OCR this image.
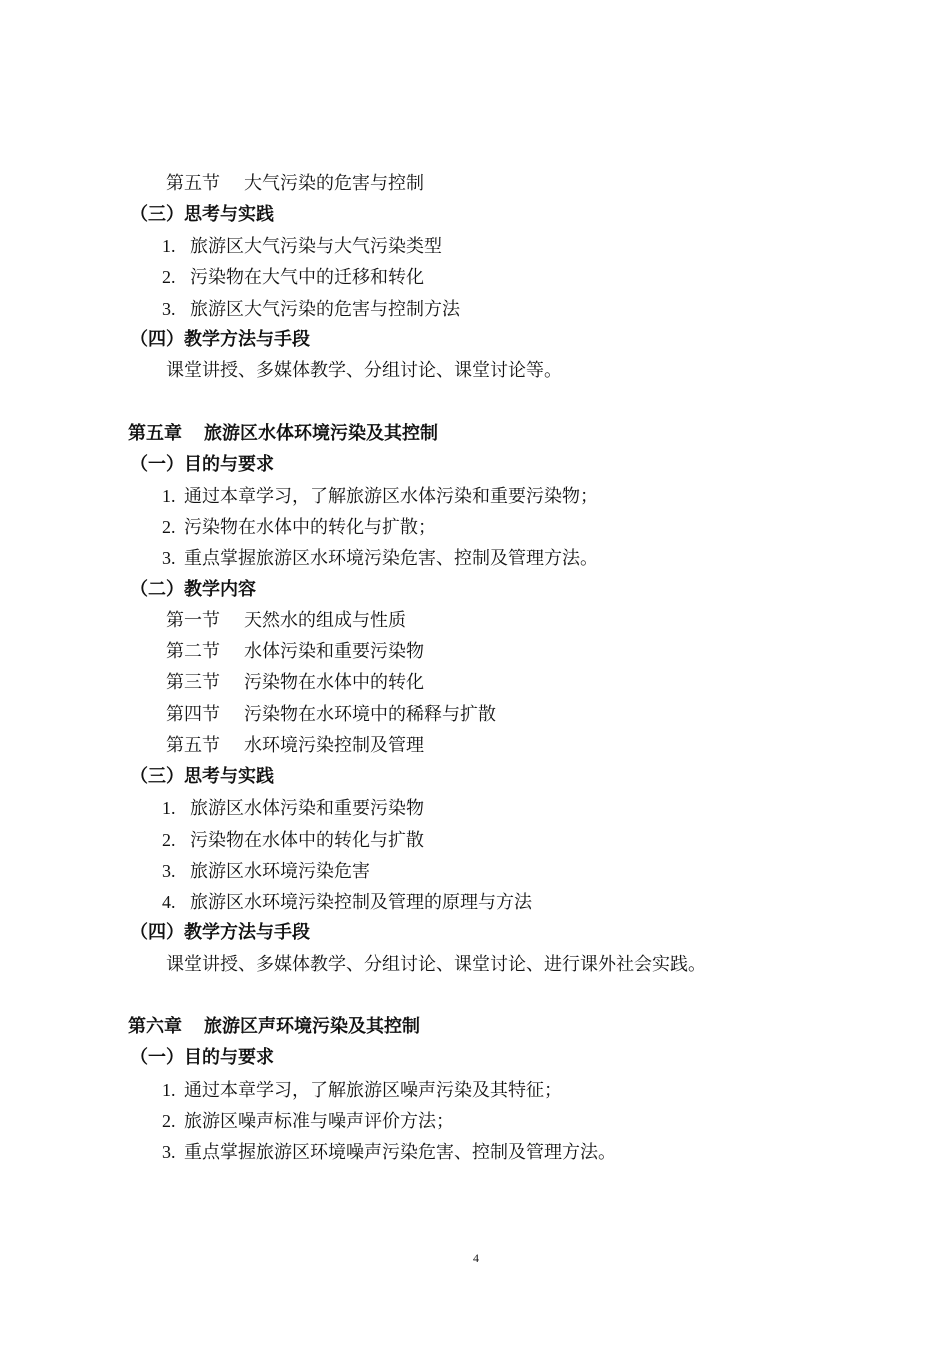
第五节 大气污染的危害与控制
（三）思考与实践
1. 旅游区大气污染与大气污染类型
2. 污染物在大气中的迁移和转化
3. 旅游区大气污染的危害与控制方法
（四）教学方法与手段
课堂讲授、多媒体教学、分组讨论、课堂讨论等。
第五章 旅游区水体环境污染及其控制
（一）目的与要求
1. 通过本章学习，了解旅游区水体污染和重要污染物；
2. 污染物在水体中的转化与扩散；
3. 重点掌握旅游区水环境污染危害、控制及管理方法。
（二）教学内容
第一节 天然水的组成与性质
第二节 水体污染和重要污染物
第三节 污染物在水体中的转化
第四节 污染物在水环境中的稀释与扩散
第五节 水环境污染控制及管理
（三）思考与实践
1. 旅游区水体污染和重要污染物
2. 污染物在水体中的转化与扩散
3. 旅游区水环境污染危害
4. 旅游区水环境污染控制及管理的原理与方法
（四）教学方法与手段
课堂讲授、多媒体教学、分组讨论、课堂讨论、进行课外社会实践。
第六章 旅游区声环境污染及其控制
（一）目的与要求
1. 通过本章学习，了解旅游区噪声污染及其特征；
2. 旅游区噪声标准与噪声评价方法；
3. 重点掌握旅游区环境噪声污染危害、控制及管理方法。
4
